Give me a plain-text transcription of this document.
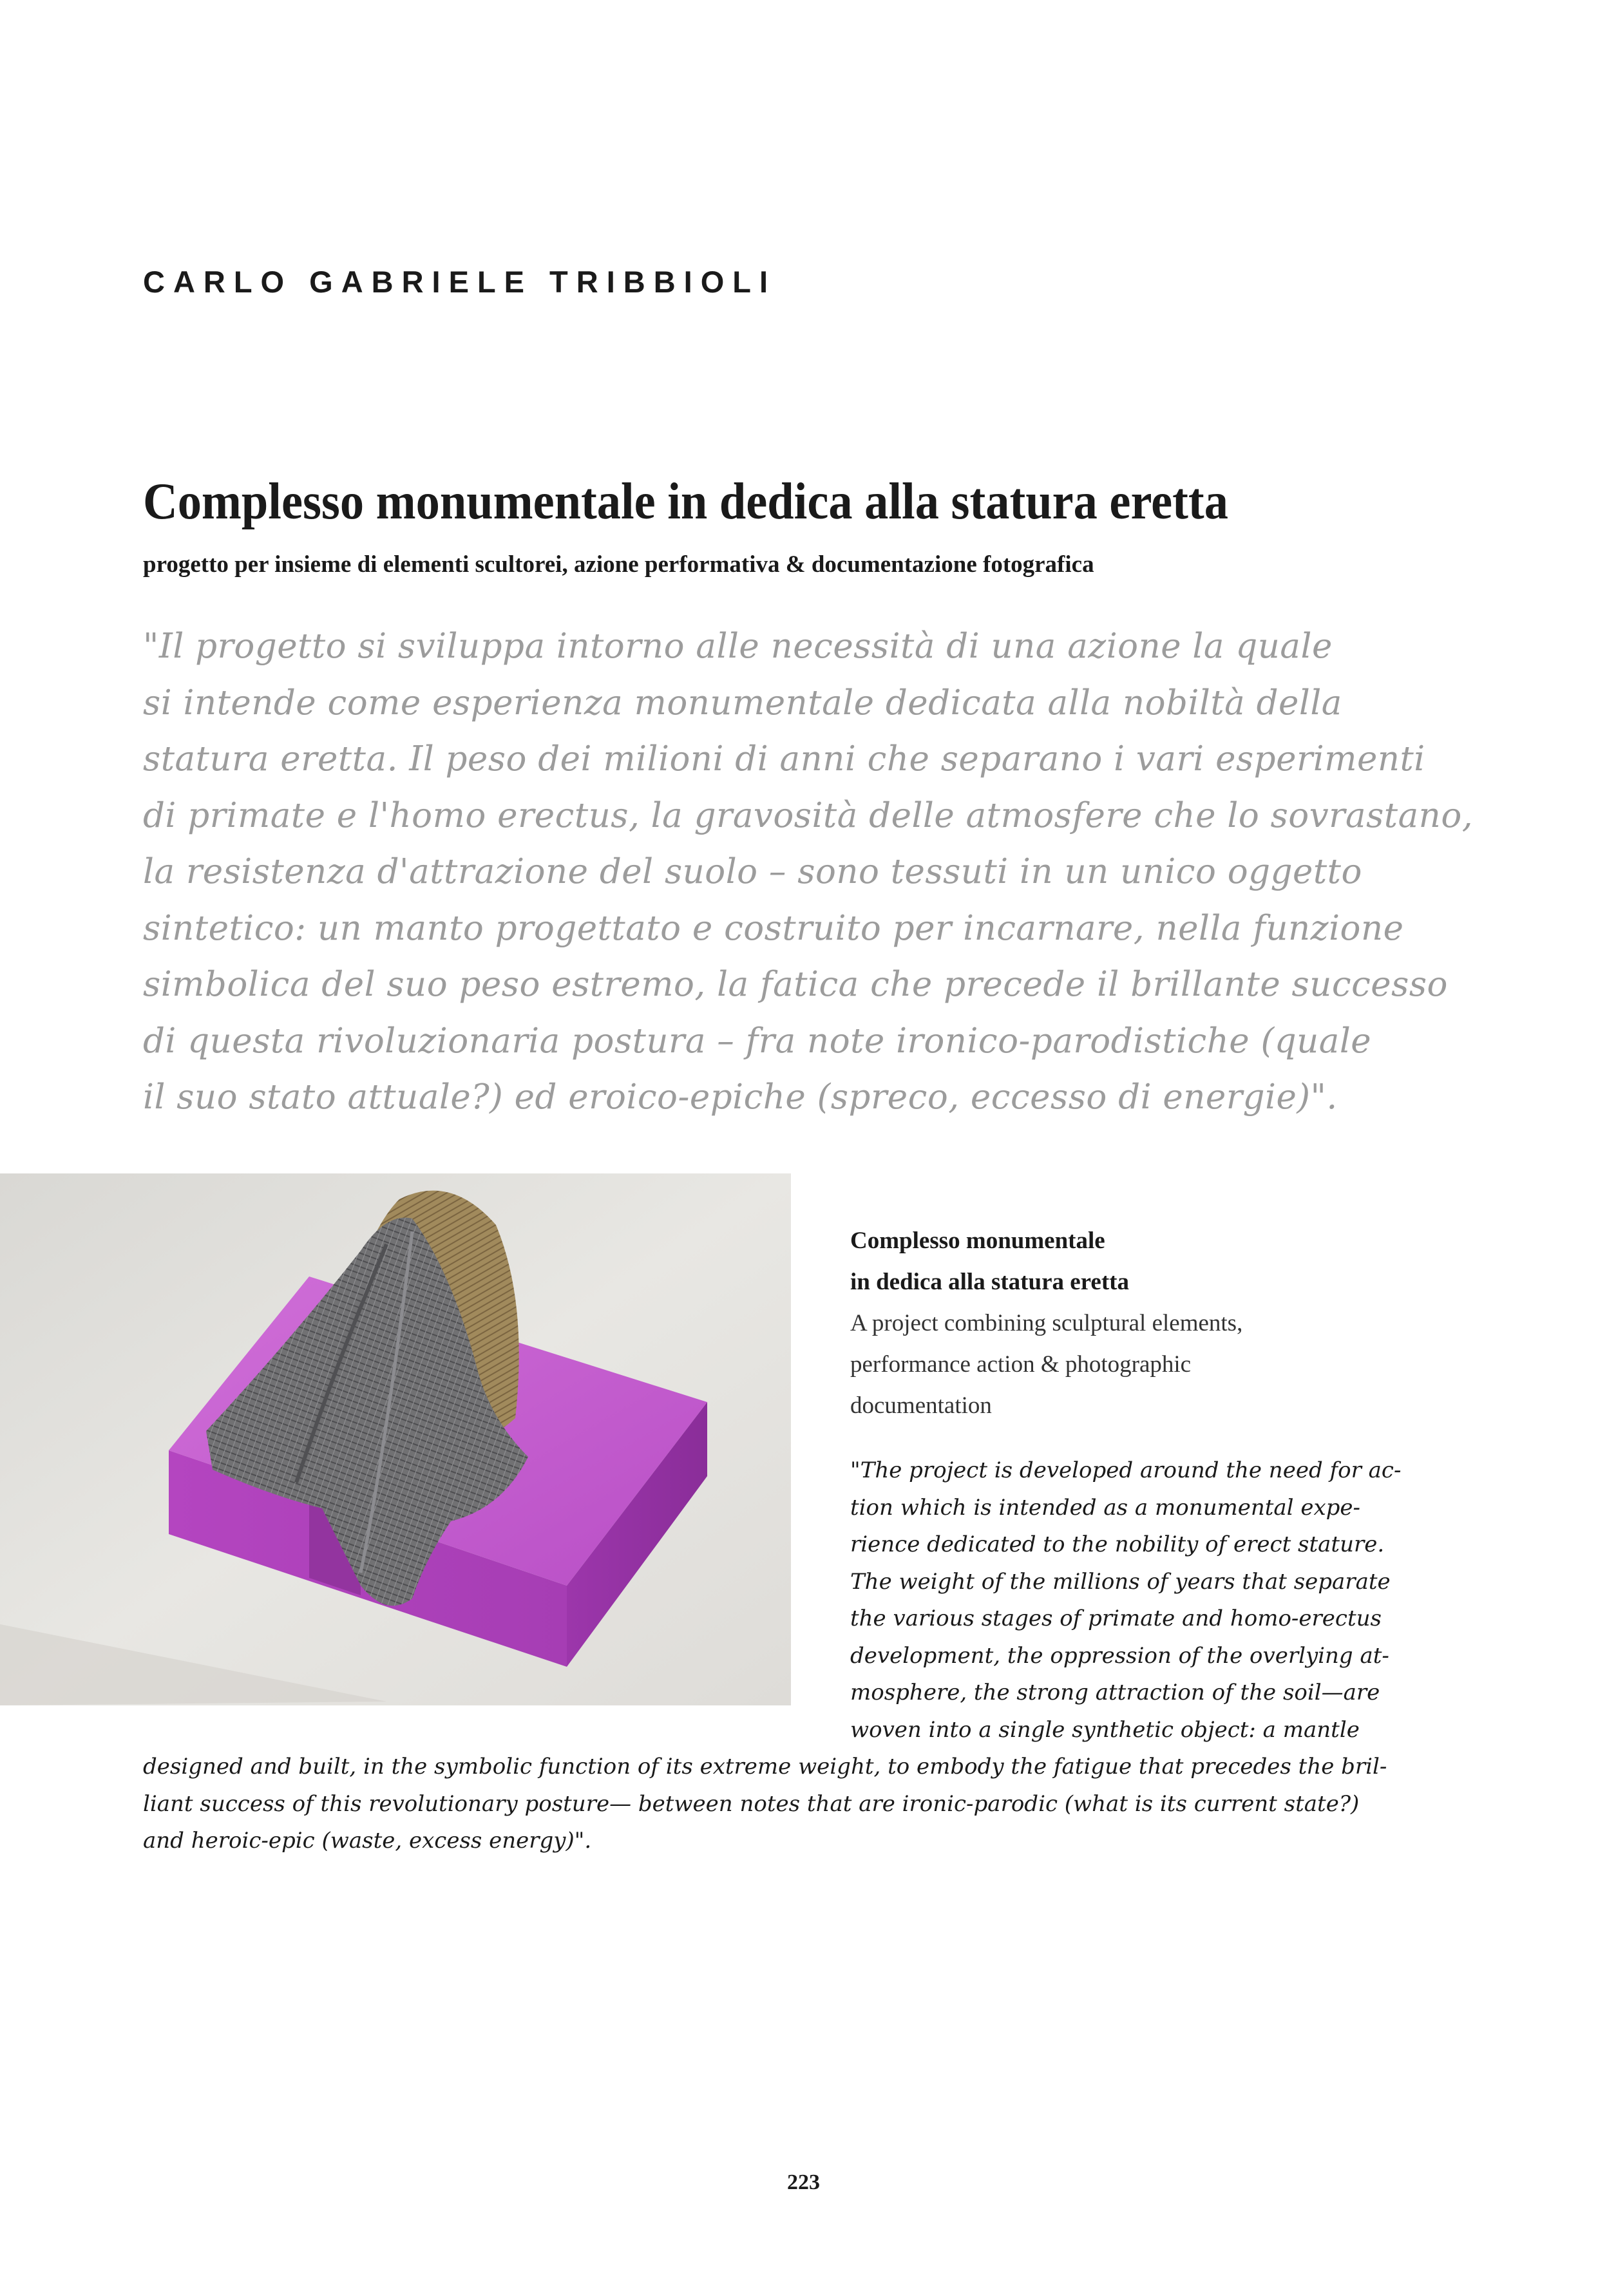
CARLO GABRIELE TRIBBIOLI
Complesso monumentale in dedica alla statura eretta

progetto per insieme di elementi scultorei, azione performativa & documentazione fotografica

"Il progetto si sviluppa intorno alle necessità di una azione la quale
si intende come esperienza monumentale dedicata alla nobiltà della
statura eretta. Il peso dei milioni di anni che separano i vari esperimenti
di primate e l'homo erectus, la gravosità delle atmosfere che lo sovrastano,
la resistenza d'attrazione del suolo – sono tessuti in un unico oggetto
sintetico: un manto progettato e costruito per incarnare, nella funzione
simbolica del suo peso estremo, la fatica che precede il brillante successo
di questa rivoluzionaria postura – fra note ironico-parodistiche (quale
il suo stato attuale?) ed eroico-epiche (spreco, eccesso di energie)".
Complesso monumentale
in dedica alla statura eretta
A project combining sculptural elements,
performance action & photographic
documentation
"The project is developed around the need for ac-
tion which is intended as a monumental expe-
rience dedicated to the nobility of erect stature.
The weight of the millions of years that separate
the various stages of primate and homo-erectus
development, the oppression of the overlying at-
mosphere, the strong attraction of the soil—are
woven into a single synthetic object: a mantle
designed and built, in the symbolic function of its extreme weight, to embody the fatigue that precedes the bril-
liant success of this revolutionary posture— between notes that are ironic-parodic (what is its current state?)
and heroic-epic (waste, excess energy)".

223
